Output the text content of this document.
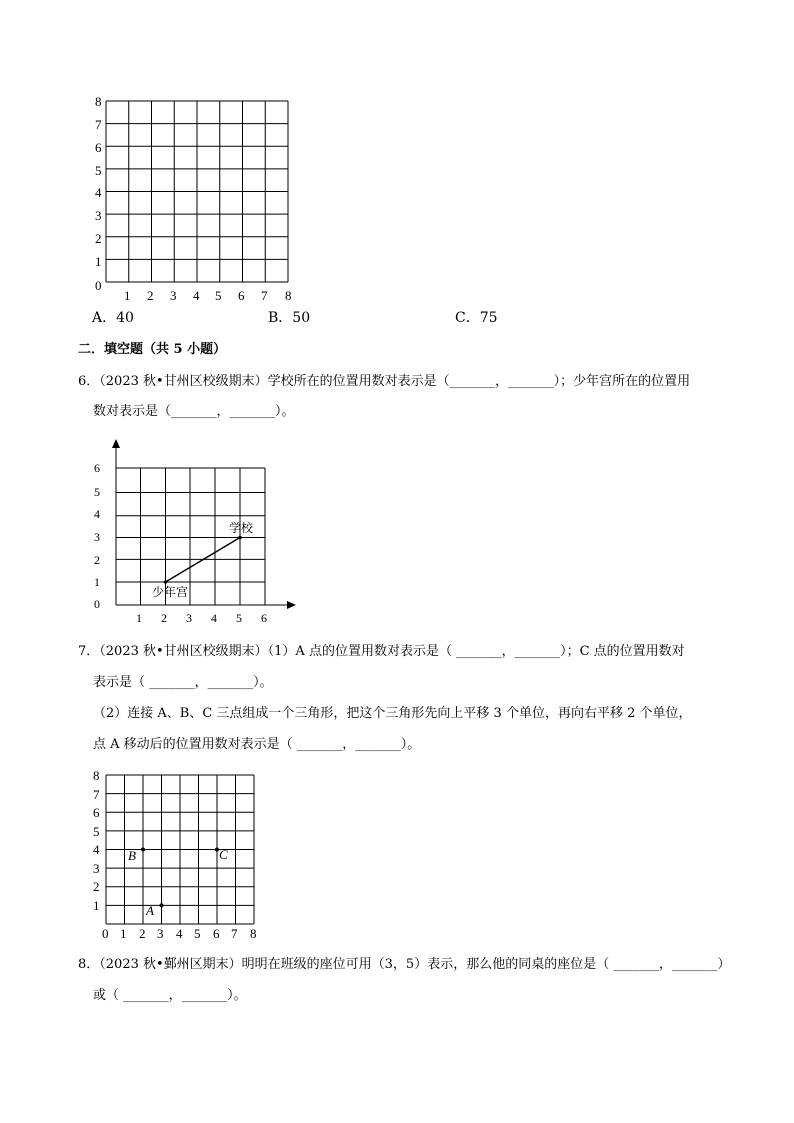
8
7
6
5
4
3
2
1
0
1 2 3 4 5 6 7 8
A．40	B．50	C．75
二．填空题（共 5 小题）
6．（2023 秋•甘州区校级期末）学校所在的位置用数对表示是（_______，_______）；少年宫所在的位置用
数对表示是（_______，_______）。
6
5
4
3
2
1
0
1 2 3 4 5 6
学校
少年宫
7．（2023 秋•甘州区校级期末）（1）A 点的位置用数对表示是（ _______，_______）；C 点的位置用数对
表示是（ _______，_______）。
（2）连接 A、B、C 三点组成一个三角形，把这个三角形先向上平移 3 个单位，再向右平移 2 个单位，
点 A 移动后的位置用数对表示是（ _______，_______）。
8
7
6
5
4
3
2
1
0 1 2 3 4 5 6 7 8
B	C
A
8．（2023 秋•鄞州区期末）明明在班级的座位可用（3，5）表示，那么他的同桌的座位是（ _______，_______）
或（ _______，_______）。
